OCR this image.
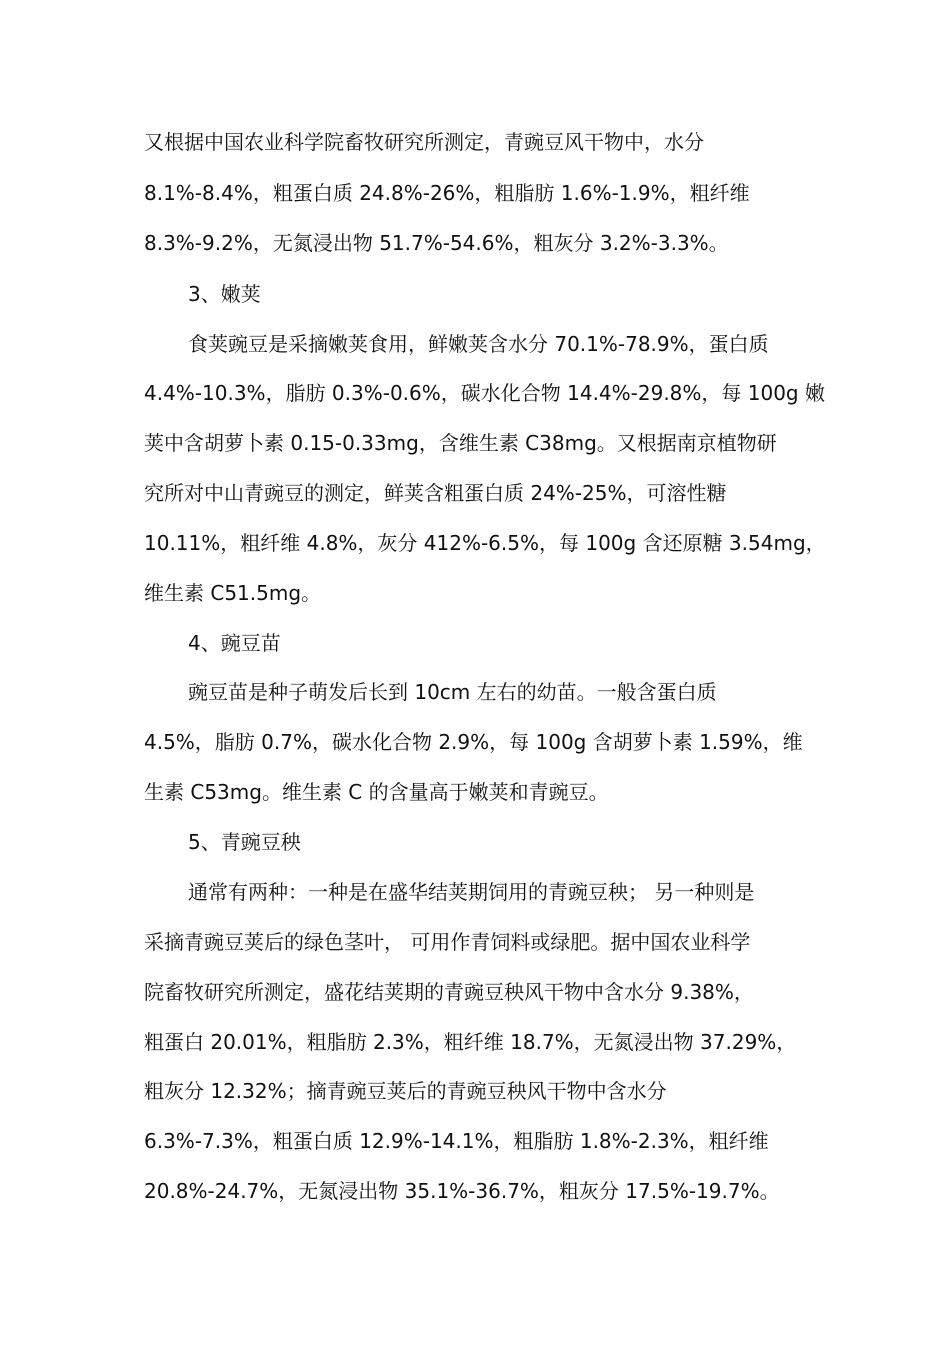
又根据中国农业科学院畜牧研究所测定，青豌豆风干物中，水分
8.1%-8.4%，粗蛋白质 24.8%-26%，粗脂肪 1.6%-1.9%，粗纤维
8.3%-9.2%，无氮浸出物 51.7%-54.6%，粗灰分 3.2%-3.3%。
3、嫩荚
食荚豌豆是采摘嫩荚食用，鲜嫩荚含水分 70.1%-78.9%，蛋白质
4.4%-10.3%，脂肪 0.3%-0.6%，碳水化合物 14.4%-29.8%，每 100g 嫩
荚中含胡萝卜素 0.15-0.33mg，含维生素 C38mg。又根据南京植物研
究所对中山青豌豆的测定，鲜荚含粗蛋白质 24%-25%，可溶性糖
10.11%，粗纤维 4.8%，灰分 412%-6.5%，每 100g 含还原糖 3.54mg，
维生素 C51.5mg。
4、豌豆苗
豌豆苗是种子萌发后长到 10cm 左右的幼苗。一般含蛋白质
4.5%，脂肪 0.7%，碳水化合物 2.9%，每 100g 含胡萝卜素 1.59%，维
生素 C53mg。维生素 C 的含量高于嫩荚和青豌豆。
5、青豌豆秧
通常有两种：一种是在盛华结荚期饲用的青豌豆秧； 另一种则是
采摘青豌豆荚后的绿色茎叶， 可用作青饲料或绿肥。据中国农业科学
院畜牧研究所测定，盛花结荚期的青豌豆秧风干物中含水分 9.38%，
粗蛋白 20.01%，粗脂肪 2.3%，粗纤维 18.7%，无氮浸出物 37.29%，
粗灰分 12.32%；摘青豌豆荚后的青豌豆秧风干物中含水分
6.3%-7.3%，粗蛋白质 12.9%-14.1%，粗脂肪 1.8%-2.3%，粗纤维
20.8%-24.7%，无氮浸出物 35.1%-36.7%，粗灰分 17.5%-19.7%。
